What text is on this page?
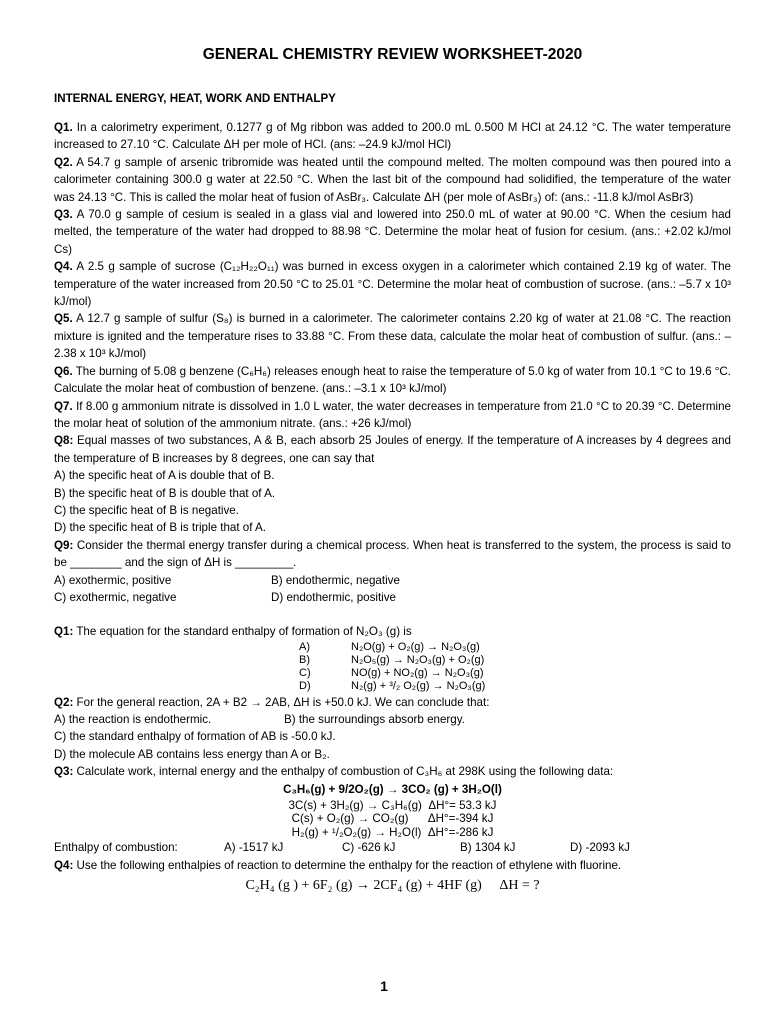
GENERAL CHEMISTRY REVIEW WORKSHEET-2020
INTERNAL ENERGY, HEAT, WORK AND ENTHALPY

Q1. In a calorimetry experiment, 0.1277 g of Mg ribbon was added to 200.0 mL 0.500 M HCl at 24.12 °C. The water temperature increased to 27.10 °C. Calculate ΔH per mole of HCl. (ans: –24.9 kJ/mol HCl)

Q2. A 54.7 g sample of arsenic tribromide was heated until the compound melted. The molten compound was then poured into a calorimeter containing 300.0 g water at 22.50 °C. When the last bit of the compound had solidified, the temperature of the water was 24.13 °C. This is called the molar heat of fusion of AsBr₃. Calculate ΔH (per mole of AsBr₃) of: (ans.: -11.8 kJ/mol AsBr3)

Q3. A 70.0 g sample of cesium is sealed in a glass vial and lowered into 250.0 mL of water at 90.00 °C. When the cesium had melted, the temperature of the water had dropped to 88.98 °C. Determine the molar heat of fusion for cesium. (ans.: +2.02 kJ/mol Cs)

Q4. A 2.5 g sample of sucrose (C₁₂H₂₂O₁₁) was burned in excess oxygen in a calorimeter which contained 2.19 kg of water. The temperature of the water increased from 20.50 °C to 25.01 °C. Determine the molar heat of combustion of sucrose. (ans.: –5.7 x 10³ kJ/mol)

Q5. A 12.7 g sample of sulfur (S₈) is burned in a calorimeter. The calorimeter contains 2.20 kg of water at 21.08 °C. The reaction mixture is ignited and the temperature rises to 33.88 °C. From these data, calculate the molar heat of combustion of sulfur. (ans.: –2.38 x 10³ kJ/mol)

Q6. The burning of 5.08 g benzene (C₆H₆) releases enough heat to raise the temperature of 5.0 kg of water from 10.1 °C to 19.6 °C. Calculate the molar heat of combustion of benzene. (ans.: –3.1 x 10³ kJ/mol)

Q7. If 8.00 g ammonium nitrate is dissolved in 1.0 L water, the water decreases in temperature from 21.0 °C to 20.39 °C. Determine the molar heat of solution of the ammonium nitrate. (ans.: +26 kJ/mol)

Q8: Equal masses of two substances, A & B, each absorb 25 Joules of energy. If the temperature of A increases by 4 degrees and the temperature of B increases by 8 degrees, one can say that

A) the specific heat of A is double that of B.

B) the specific heat of B is double that of A.

C) the specific heat of B is negative.

D) the specific heat of B is triple that of A.

Q9: Consider the thermal energy transfer during a chemical process. When heat is transferred to the system, the process is said to be ________ and the sign of ΔH is _________.

A) exothermic, positive	B) endothermic, negative
C) exothermic, negative	D) endothermic, positive

Q1: The equation for the standard enthalpy of formation of N₂O₃ (g) is

A)	N₂O(g) + O₂(g) → N₂O₃(g)
B)	N₂O₅(g) → N₂O₃(g) + O₂(g)
C)	NO(g) + NO₂(g) → N₂O₃(g)
D)	N₂(g) + ³/₂ O₂(g) → N₂O₃(g)

Q2: For the general reaction, 2A + B2 → 2AB, ΔH is +50.0 kJ. We can conclude that:

A) the reaction is endothermic.	B) the surroundings absorb energy.

C) the standard enthalpy of formation of AB is -50.0 kJ.

D) the molecule AB contains less energy than A or B₂.

Q3: Calculate work, internal energy and the enthalpy of combustion of C₃H₆ at 298K using the following data:

C₃H₆(g) + 9/2O₂(g) → 3CO₂ (g) + 3H₂O(l)

3C(s) + 3H₂(g) → C₃H₆(g)  ΔH°= 53.3 kJ

C(s) + O₂(g) → CO₂(g)      ΔH°=-394 kJ

H₂(g) + ¹/₂O₂(g) → H₂O(l)  ΔH°=-286 kJ

Enthalpy of combustion:	A) -1517 kJ	C) -626 kJ	B) 1304 kJ	D) -2093 kJ

Q4: Use the following enthalpies of reaction to determine the enthalpy for the reaction of ethylene with fluorine.

C₂H₄ (g ) + 6F₂ (g) → 2CF₄ (g) + 4HF (g)     ΔH = ?

1
